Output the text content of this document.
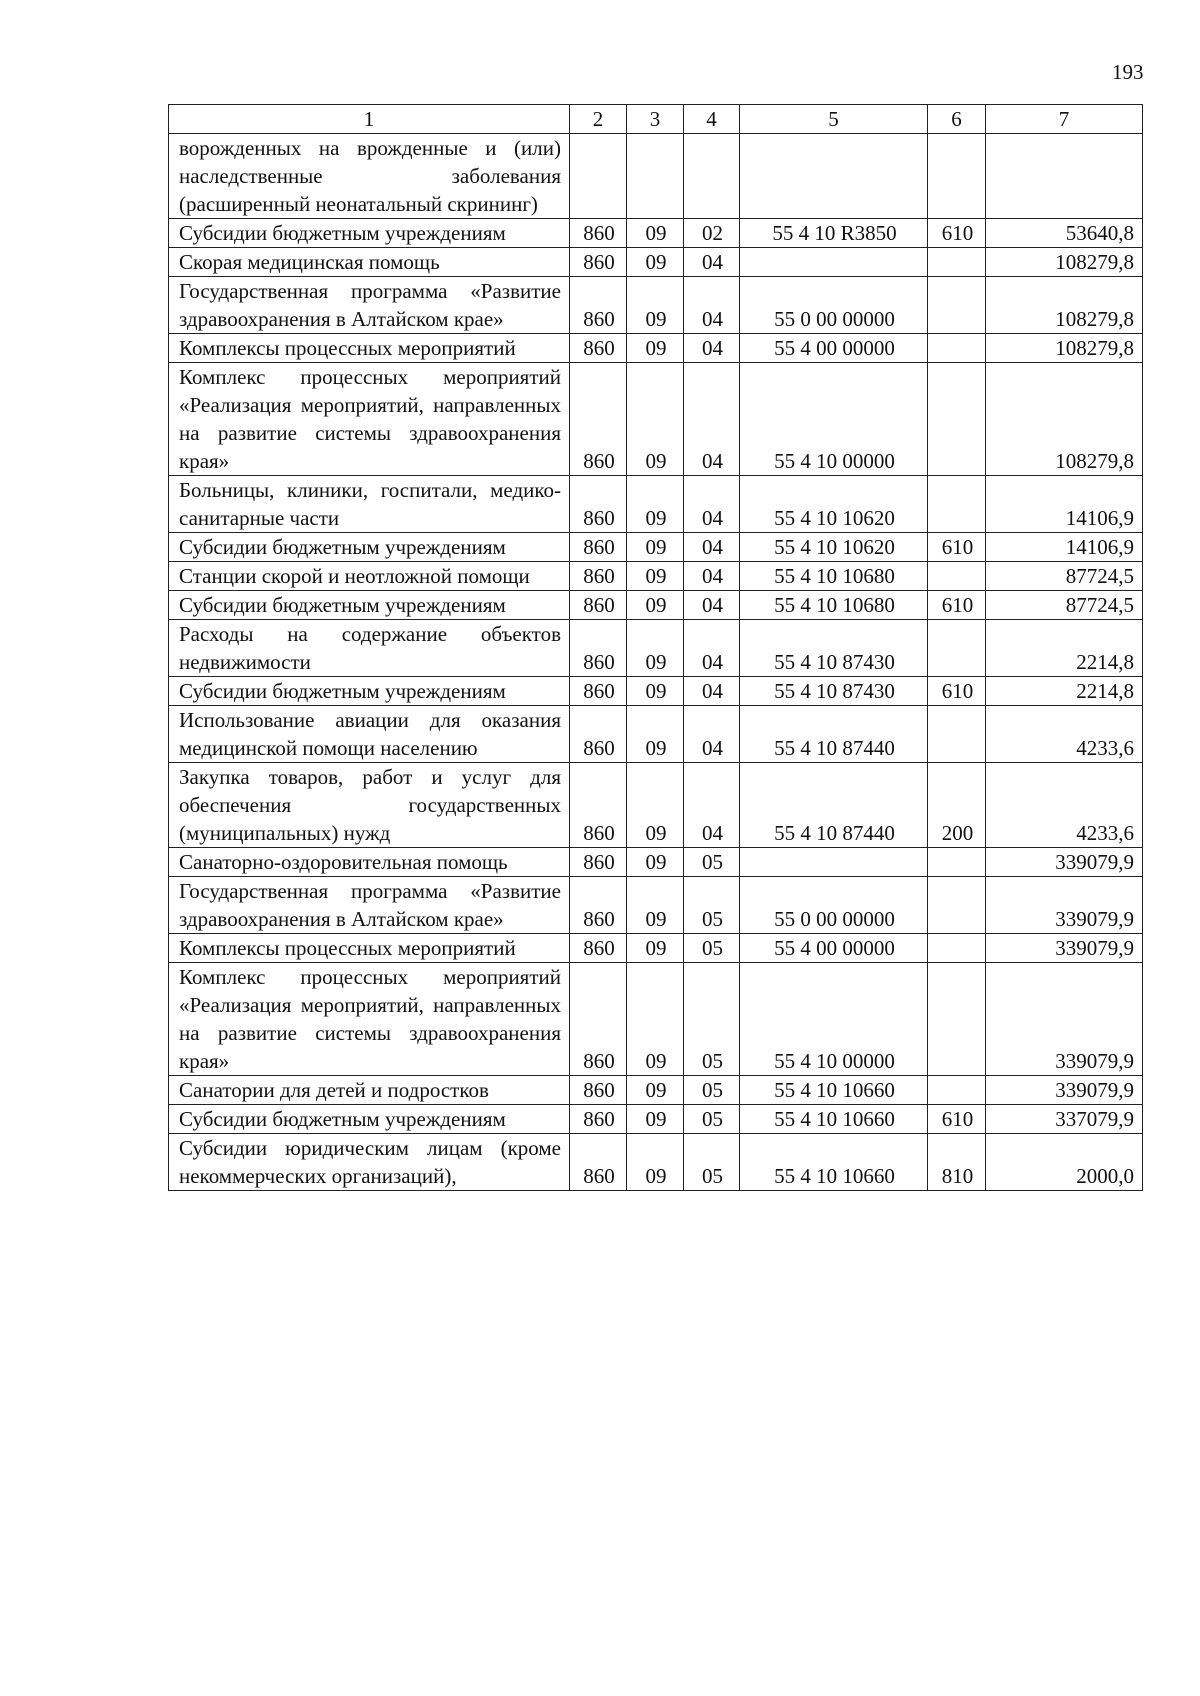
193
1	2	3	4	5	6	7
ворожденных на врожденные и (или) наследственные заболевания (расширенный неонатальный скрининг)						
Субсидии бюджетным учреждениям	860	09	02	55 4 10 R3850	610	53640,8
Скорая медицинская помощь	860	09	04			108279,8
Государственная программа «Развитие здравоохранения в Алтайском крае»	860	09	04	55 0 00 00000		108279,8
Комплексы процессных мероприятий	860	09	04	55 4 00 00000		108279,8
Комплекс процессных мероприятий «Реализация мероприятий, направленных на развитие системы здравоохранения края»	860	09	04	55 4 10 00000		108279,8
Больницы, клиники, госпитали, медико-санитарные части	860	09	04	55 4 10 10620		14106,9
Субсидии бюджетным учреждениям	860	09	04	55 4 10 10620	610	14106,9
Станции скорой и неотложной помощи	860	09	04	55 4 10 10680		87724,5
Субсидии бюджетным учреждениям	860	09	04	55 4 10 10680	610	87724,5
Расходы на содержание объектов недвижимости	860	09	04	55 4 10 87430		2214,8
Субсидии бюджетным учреждениям	860	09	04	55 4 10 87430	610	2214,8
Использование авиации для оказания медицинской помощи населению	860	09	04	55 4 10 87440		4233,6
Закупка товаров, работ и услуг для обеспечения государственных (муниципальных) нужд	860	09	04	55 4 10 87440	200	4233,6
Санаторно-оздоровительная помощь	860	09	05			339079,9
Государственная программа «Развитие здравоохранения в Алтайском крае»	860	09	05	55 0 00 00000		339079,9
Комплексы процессных мероприятий	860	09	05	55 4 00 00000		339079,9
Комплекс процессных мероприятий «Реализация мероприятий, направленных на развитие системы здравоохранения края»	860	09	05	55 4 10 00000		339079,9
Санатории для детей и подростков	860	09	05	55 4 10 10660		339079,9
Субсидии бюджетным учреждениям	860	09	05	55 4 10 10660	610	337079,9
Субсидии юридическим лицам (кроме некоммерческих организаций),	860	09	05	55 4 10 10660	810	2000,0
